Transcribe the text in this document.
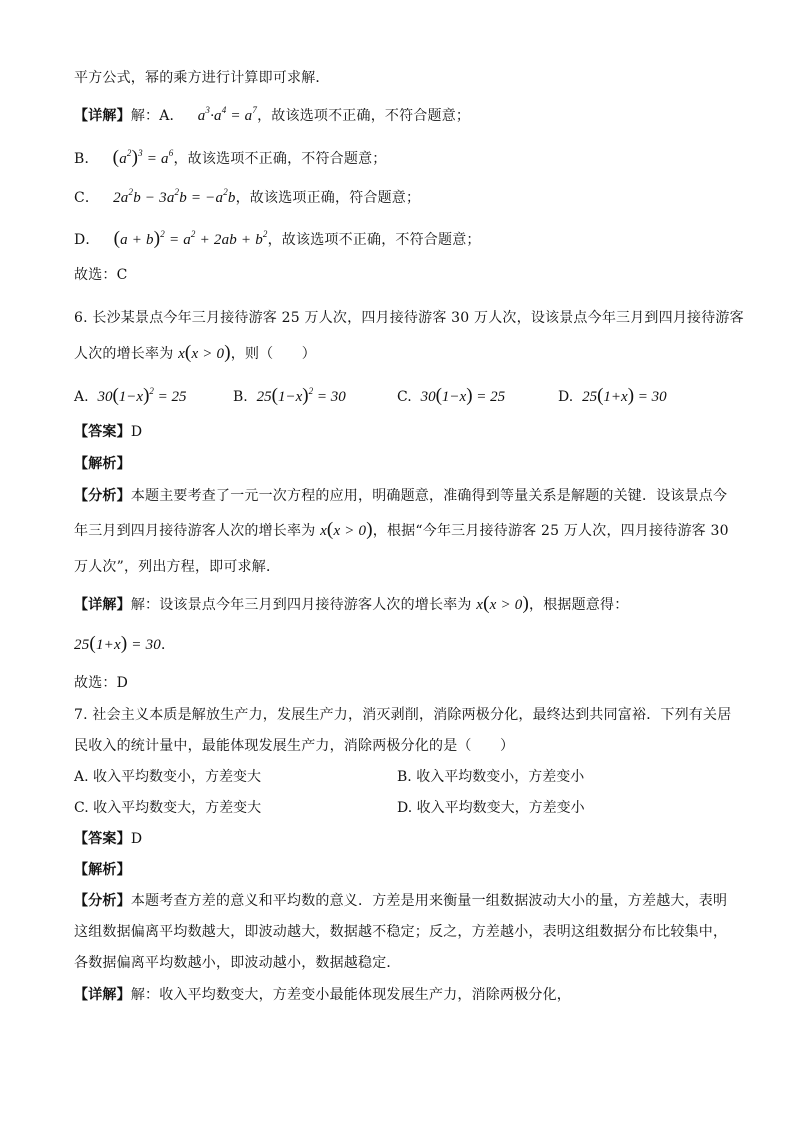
平方公式，幂的乘方进行计算即可求解．
【详解】解：A． $a^3\cdot a^4 = a^7$，故该选项不正确，不符合题意；
B． $(a^2)^3 = a^6$，故该选项不正确，不符合题意；
C． $2a^2b - 3a^2b = -a^2b$，故该选项正确，符合题意；
D． $(a + b)^2 = a^2 + 2ab + b^2$，故该选项不正确，不符合题意；
故选：C
6. 长沙某景点今年三月接待游客 25 万人次，四月接待游客 30 万人次，设该景点今年三月到四月接待游客
人次的增长率为 x(x > 0)，则（　　）
A. $30(1-x)^2 = 25$	B. $25(1-x)^2 = 30$	C. 30(1−x) = 25	D. 25(1+x) = 30
【答案】D
【解析】
【分析】本题主要考查了一元一次方程的应用，明确题意，准确得到等量关系是解题的关键．设该景点今
年三月到四月接待游客人次的增长率为 x(x > 0)，根据“今年三月接待游客 25 万人次，四月接待游客 30
万人次”，列出方程，即可求解．
【详解】解：设该景点今年三月到四月接待游客人次的增长率为 x(x > 0)，根据题意得：
25(1+x) = 30．
故选：D
7. 社会主义本质是解放生产力，发展生产力，消灭剥削，消除两极分化，最终达到共同富裕．下列有关居
民收入的统计量中，最能体现发展生产力，消除两极分化的是（　　）
A. 收入平均数变小，方差变大	B. 收入平均数变小，方差变小
C. 收入平均数变大，方差变大	D. 收入平均数变大，方差变小
【答案】D
【解析】
【分析】本题考查方差的意义和平均数的意义．方差是用来衡量一组数据波动大小的量，方差越大，表明
这组数据偏离平均数越大，即波动越大，数据越不稳定；反之，方差越小，表明这组数据分布比较集中，
各数据偏离平均数越小，即波动越小，数据越稳定．
【详解】解：收入平均数变大，方差变小最能体现发展生产力，消除两极分化，
